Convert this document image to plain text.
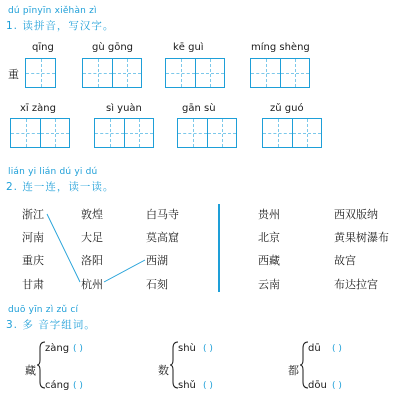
dú pīnyīn xiěhàn zì
1. 读拼音，写汉字。
qīng	gù gōng	kē guì	míng shèng
重
xī zàng	sì yuàn	gān sù	zǔ guó
lián yi lián dú yi dú
2. 连一连，读一读。
浙江
河南
重庆
甘肃
敦煌
大足
洛阳
杭州
白马寺
莫高窟
西湖
石刻
贵州
北京
西藏
云南
西双版纳
黄果树瀑布
故宫
布达拉宫
duō yīn zì zǔ cí
3. 多 音字组词。
藏
zàng ( )
cáng ( )
数
shù ( )
shǔ ( )
都
dū ( )
dōu ( )
